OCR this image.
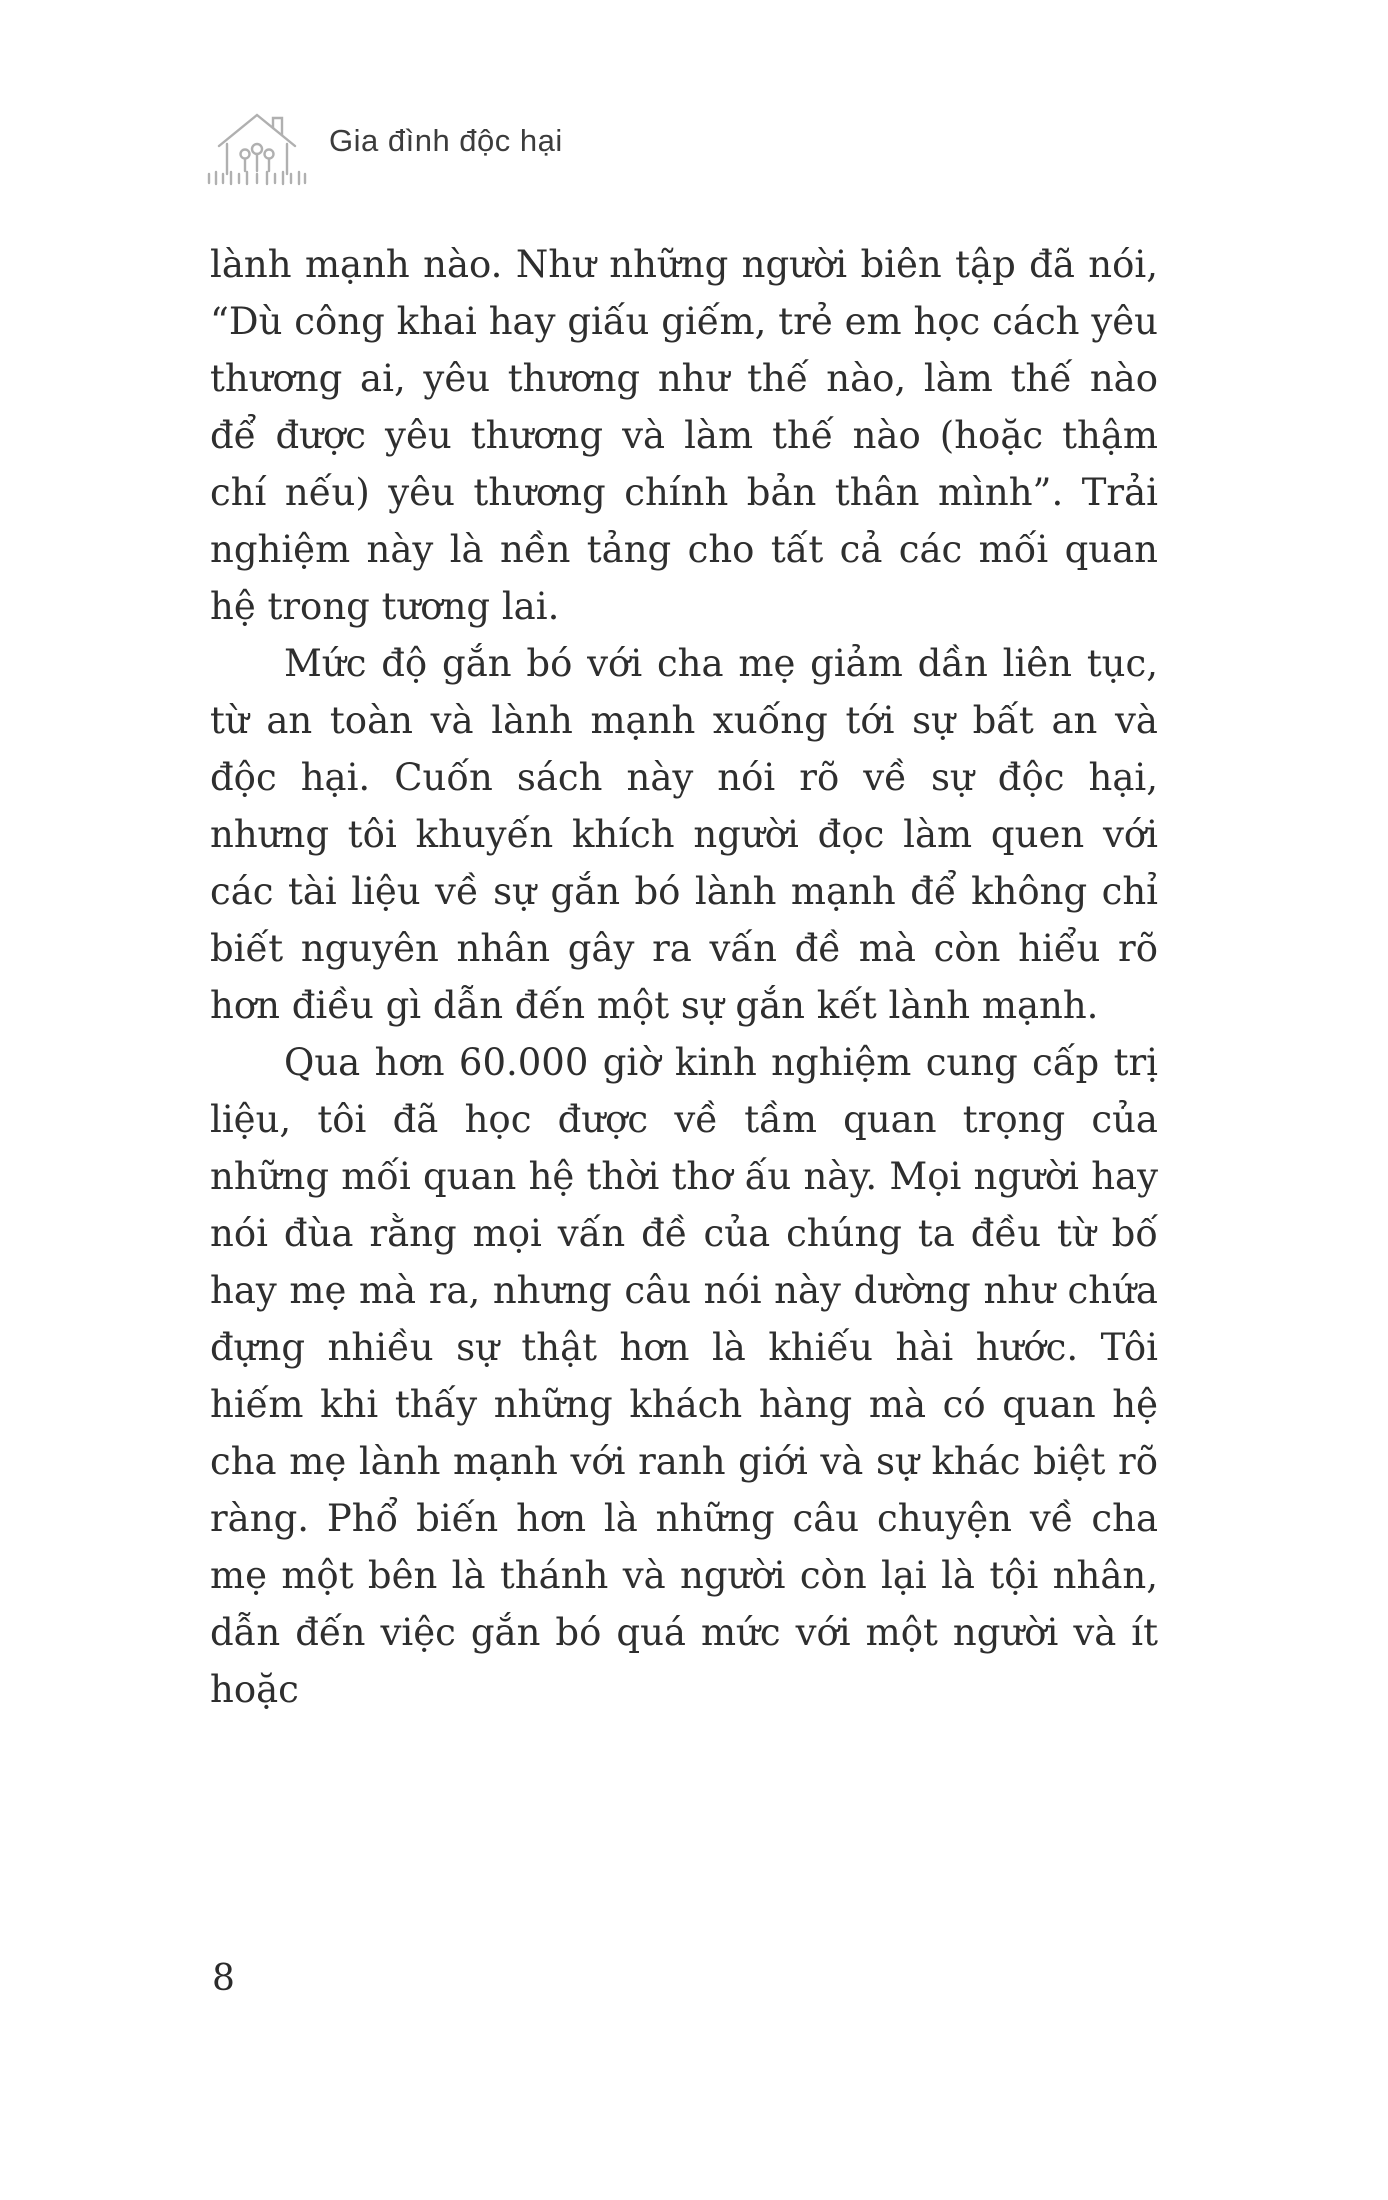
Gia đình độc hại

lành mạnh nào. Như những người biên tập đã nói, “Dù công khai hay giấu giếm, trẻ em học cách yêu thương ai, yêu thương như thế nào, làm thế nào để được yêu thương và làm thế nào (hoặc thậm chí nếu) yêu thương chính bản thân mình”. Trải nghiệm này là nền tảng cho tất cả các mối quan hệ trong tương lai.

Mức độ gắn bó với cha mẹ giảm dần liên tục, từ an toàn và lành mạnh xuống tới sự bất an và độc hại. Cuốn sách này nói rõ về sự độc hại, nhưng tôi khuyến khích người đọc làm quen với các tài liệu về sự gắn bó lành mạnh để không chỉ biết nguyên nhân gây ra vấn đề mà còn hiểu rõ hơn điều gì dẫn đến một sự gắn kết lành mạnh.

Qua hơn 60.000 giờ kinh nghiệm cung cấp trị liệu, tôi đã học được về tầm quan trọng của những mối quan hệ thời thơ ấu này. Mọi người hay nói đùa rằng mọi vấn đề của chúng ta đều từ bố hay mẹ mà ra, nhưng câu nói này dường như chứa đựng nhiều sự thật hơn là khiếu hài hước. Tôi hiếm khi thấy những khách hàng mà có quan hệ cha mẹ lành mạnh với ranh giới và sự khác biệt rõ ràng. Phổ biến hơn là những câu chuyện về cha mẹ một bên là thánh và người còn lại là tội nhân, dẫn đến việc gắn bó quá mức với một người và ít hoặc

8
